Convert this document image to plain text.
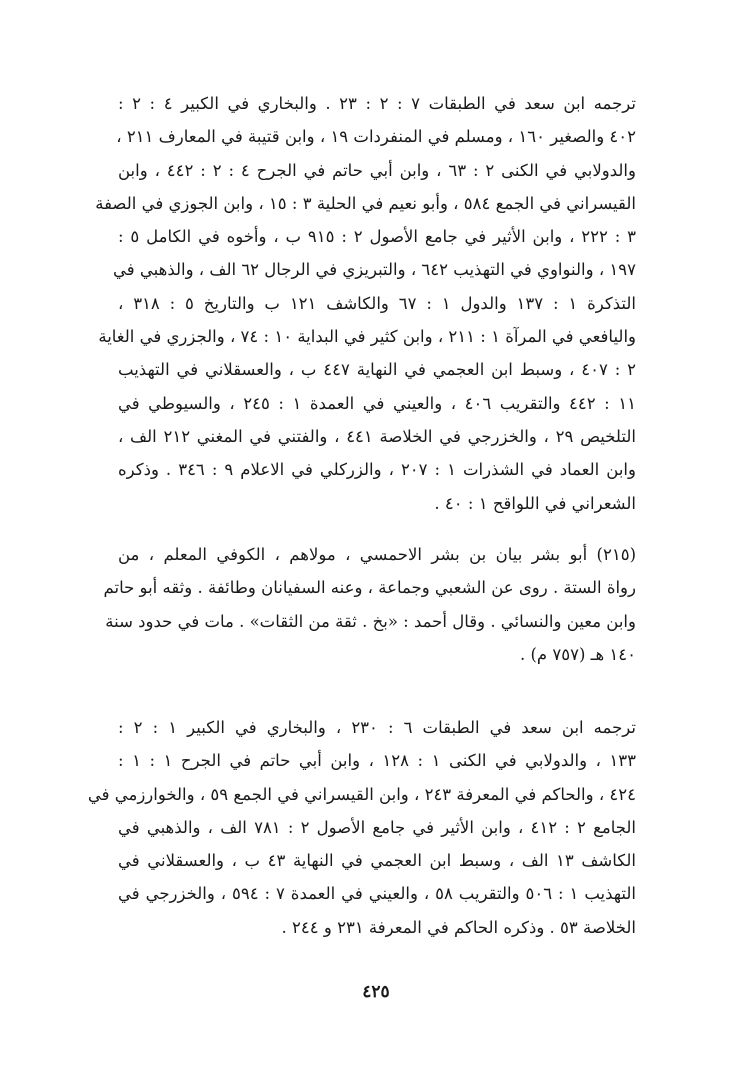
ترجمه ابن سعد في الطبقات ٧ : ٢ : ٢٣ . والبخاري في الكبير ٤ : ٢ :
٤٠٢ والصغير ١٦٠ ، ومسلم في المنفردات ١٩ ، وابن قتيبة في المعارف ٢١١ ،
والدولابي في الكنى ٢ : ٦٣ ، وابن أبي حاتم في الجرح ٤ : ٢ : ٤٤٢ ، وابن
القيسراني في الجمع ٥٨٤ ، وأبو نعيم في الحلية ٣ : ١٥ ، وابن الجوزي في الصفة
٣ : ٢٢٢ ، وابن الأثير في جامع الأصول ٢ : ٩١٥ ب ، وأخوه في الكامل ٥ :
١٩٧ ، والنواوي في التهذيب ٦٤٢ ، والتبريزي في الرجال ٦٢ الف ، والذهبي في
التذكرة ١ : ١٣٧ والدول ١ : ٦٧ والكاشف ١٢١ ب والتاريخ ٥ : ٣١٨ ،
واليافعي في المرآة ١ : ٢١١ ، وابن كثير في البداية ١٠ : ٧٤ ، والجزري في الغاية
٢ : ٤٠٧ ، وسبط ابن العجمي في النهاية ٤٤٧ ب ، والعسقلاني في التهذيب
١١ : ٤٤٢ والتقريب ٤٠٦ ، والعيني في العمدة ١ : ٢٤٥ ، والسيوطي في
التلخيص ٢٩ ، والخزرجي في الخلاصة ٤٤١ ، والفتني في المغني ٢١٢ الف ،
وابن العماد في الشذرات ١ : ٢٠٧ ، والزركلي في الاعلام ٩ : ٣٤٦ . وذكره
الشعراني في اللواقح ١ : ٤٠ .
(٢١٥) أبو بشر بيان بن بشر الاحمسي ، مولاهم ، الكوفي المعلم ، من
رواة الستة . روى عن الشعبي وجماعة ، وعنه السفيانان وطائفة . وثقه أبو حاتم
وابن معين والنسائي . وقال أحمد : «بخ . ثقة من الثقات» . مات في حدود سنة
١٤٠ هـ (٧٥٧ م) .
ترجمه ابن سعد في الطبقات ٦ : ٢٣٠ ، والبخاري في الكبير ١ : ٢ :
١٣٣ ، والدولابي في الكنى ١ : ١٢٨ ، وابن أبي حاتم في الجرح ١ : ١ :
٤٢٤ ، والحاكم في المعرفة ٢٤٣ ، وابن القيسراني في الجمع ٥٩ ، والخوارزمي في
الجامع ٢ : ٤١٢ ، وابن الأثير في جامع الأصول ٢ : ٧٨١ الف ، والذهبي في
الكاشف ١٣ الف ، وسبط ابن العجمي في النهاية ٤٣ ب ، والعسقلاني في
التهذيب ١ : ٥٠٦ والتقريب ٥٨ ، والعيني في العمدة ٧ : ٥٩٤ ، والخزرجي في
الخلاصة ٥٣ . وذكره الحاكم في المعرفة ٢٣١ و ٢٤٤ .
٤٢٥
